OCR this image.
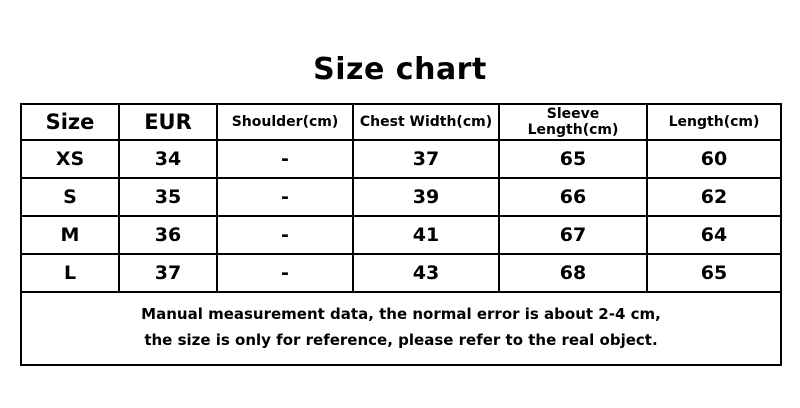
Size chart
Size	EUR	Shoulder(cm)	Chest Width(cm)	Sleeve Length(cm)	Length(cm)
XS	34	-	37	65	60
S	35	-	39	66	62
M	36	-	41	67	64
L	37	-	43	68	65

Manual measurement data, the normal error is about 2-4 cm,
the size is only for reference, please refer to the real object.					
